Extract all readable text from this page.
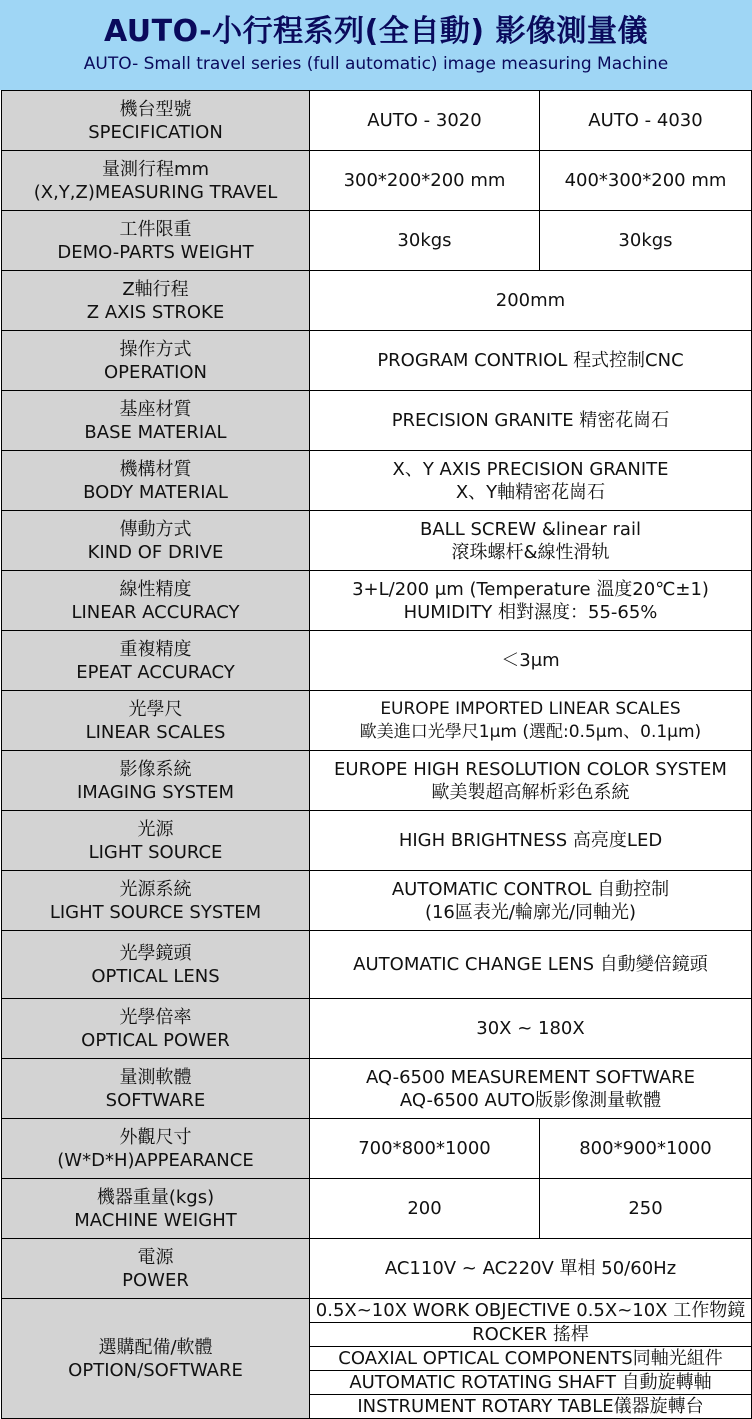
AUTO-小行程系列(全自動) 影像測量儀
AUTO- Small travel series (full automatic) image measuring Machine
機台型號
SPECIFICATION	AUTO - 3020	AUTO - 4030
量測行程mm
(X,Y,Z)MEASURING TRAVEL	300*200*200 mm	400*300*200 mm
工件限重
DEMO-PARTS WEIGHT	30kgs	30kgs
Z軸行程
Z AXIS STROKE	200mm	
操作方式
OPERATION	PROGRAM CONTRIOL 程式控制CNC	
基座材質
BASE MATERIAL	PRECISION GRANITE 精密花崗石	
機構材質
BODY MATERIAL	X、Y AXIS PRECISION GRANITE
X、Y軸精密花崗石	
傳動方式
KIND OF DRIVE	BALL SCREW &linear rail
滾珠螺杆&線性滑轨	
線性精度
LINEAR ACCURACY	3+L/200 μm (Temperature 溫度20℃±1)
HUMIDITY 相對濕度：55-65%	
重複精度
EPEAT ACCURACY	＜3μm	
光學尺
LINEAR SCALES	EUROPE IMPORTED LINEAR SCALES
歐美進口光學尺1μm (選配:0.5μm、0.1μm)	
影像系統
IMAGING SYSTEM	EUROPE HIGH RESOLUTION COLOR SYSTEM
歐美製超高解析彩色系統	
光源
LIGHT SOURCE	HIGH BRIGHTNESS 高亮度LED	
光源系統
LIGHT SOURCE SYSTEM	AUTOMATIC CONTROL 自動控制
(16區表光/輪廓光/同軸光)	
光學鏡頭
OPTICAL LENS	AUTOMATIC CHANGE LENS 自動變倍鏡頭	
光學倍率
OPTICAL POWER	30X ~ 180X	
量測軟體
SOFTWARE	AQ-6500 MEASUREMENT SOFTWARE
AQ-6500 AUTO版影像測量軟體	
外觀尺寸
(W*D*H)APPEARANCE	700*800*1000	800*900*1000
機器重量(kgs)
MACHINE WEIGHT	200	250
電源
POWER	AC110V ~ AC220V 單相 50/60Hz	
選購配備/軟體
OPTION/SOFTWARE	0.5X~10X WORK OBJECTIVE 0.5X~10X 工作物鏡	
	ROCKER 搖桿	
	COAXIAL OPTICAL COMPONENTS同軸光組件	
	AUTOMATIC ROTATING SHAFT 自動旋轉軸	
	INSTRUMENT ROTARY TABLE儀器旋轉台	
